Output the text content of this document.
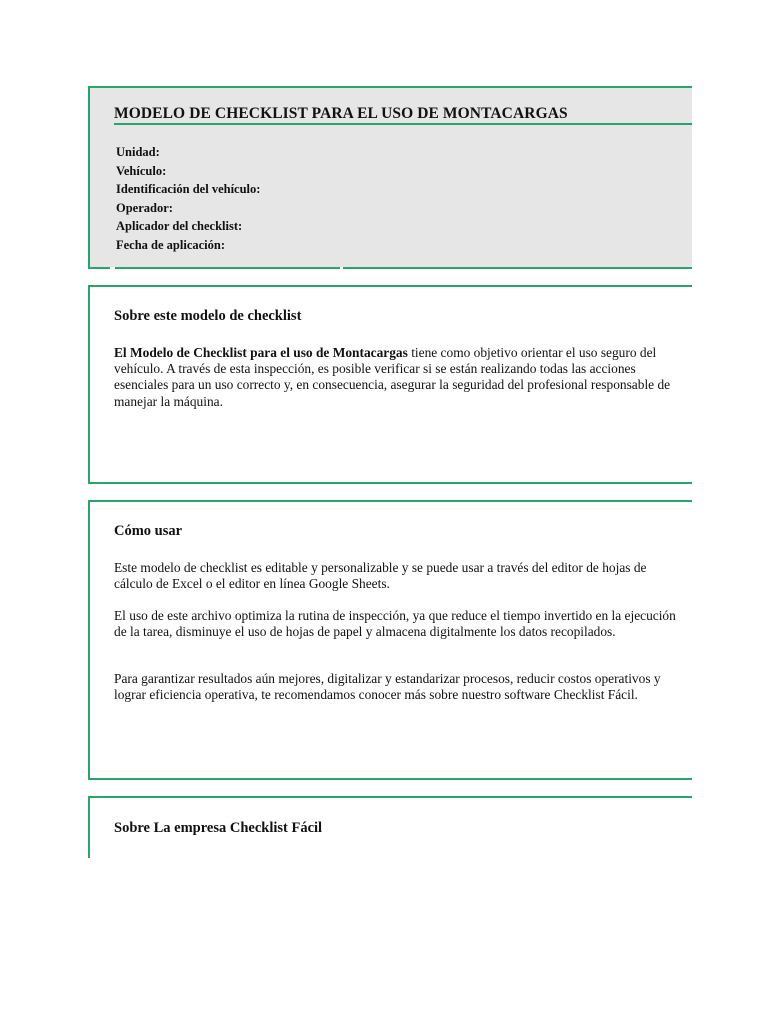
MODELO DE CHECKLIST PARA EL USO DE MONTACARGAS
Unidad:
Vehículo:
Identificación del vehículo:
Operador:
Aplicador del checklist:
Fecha de aplicación:
Sobre este modelo de checklist

El Modelo de Checklist para el uso de Montacargas tiene como objetivo orientar el uso seguro del vehículo. A través de esta inspección, es posible verificar si se están realizando todas las acciones esenciales para un uso correcto y, en consecuencia, asegurar la seguridad del profesional responsable de manejar la máquina.

Cómo usar

Este modelo de checklist es editable y personalizable y se puede usar a través del editor de hojas de cálculo de Excel o el editor en línea Google Sheets.

El uso de este archivo optimiza la rutina de inspección, ya que reduce el tiempo invertido en la ejecución de la tarea, disminuye el uso de hojas de papel y almacena digitalmente los datos recopilados.

Para garantizar resultados aún mejores, digitalizar y estandarizar procesos, reducir costos operativos y lograr eficiencia operativa, te recomendamos conocer más sobre nuestro software Checklist Fácil.

Sobre La empresa Checklist Fácil
